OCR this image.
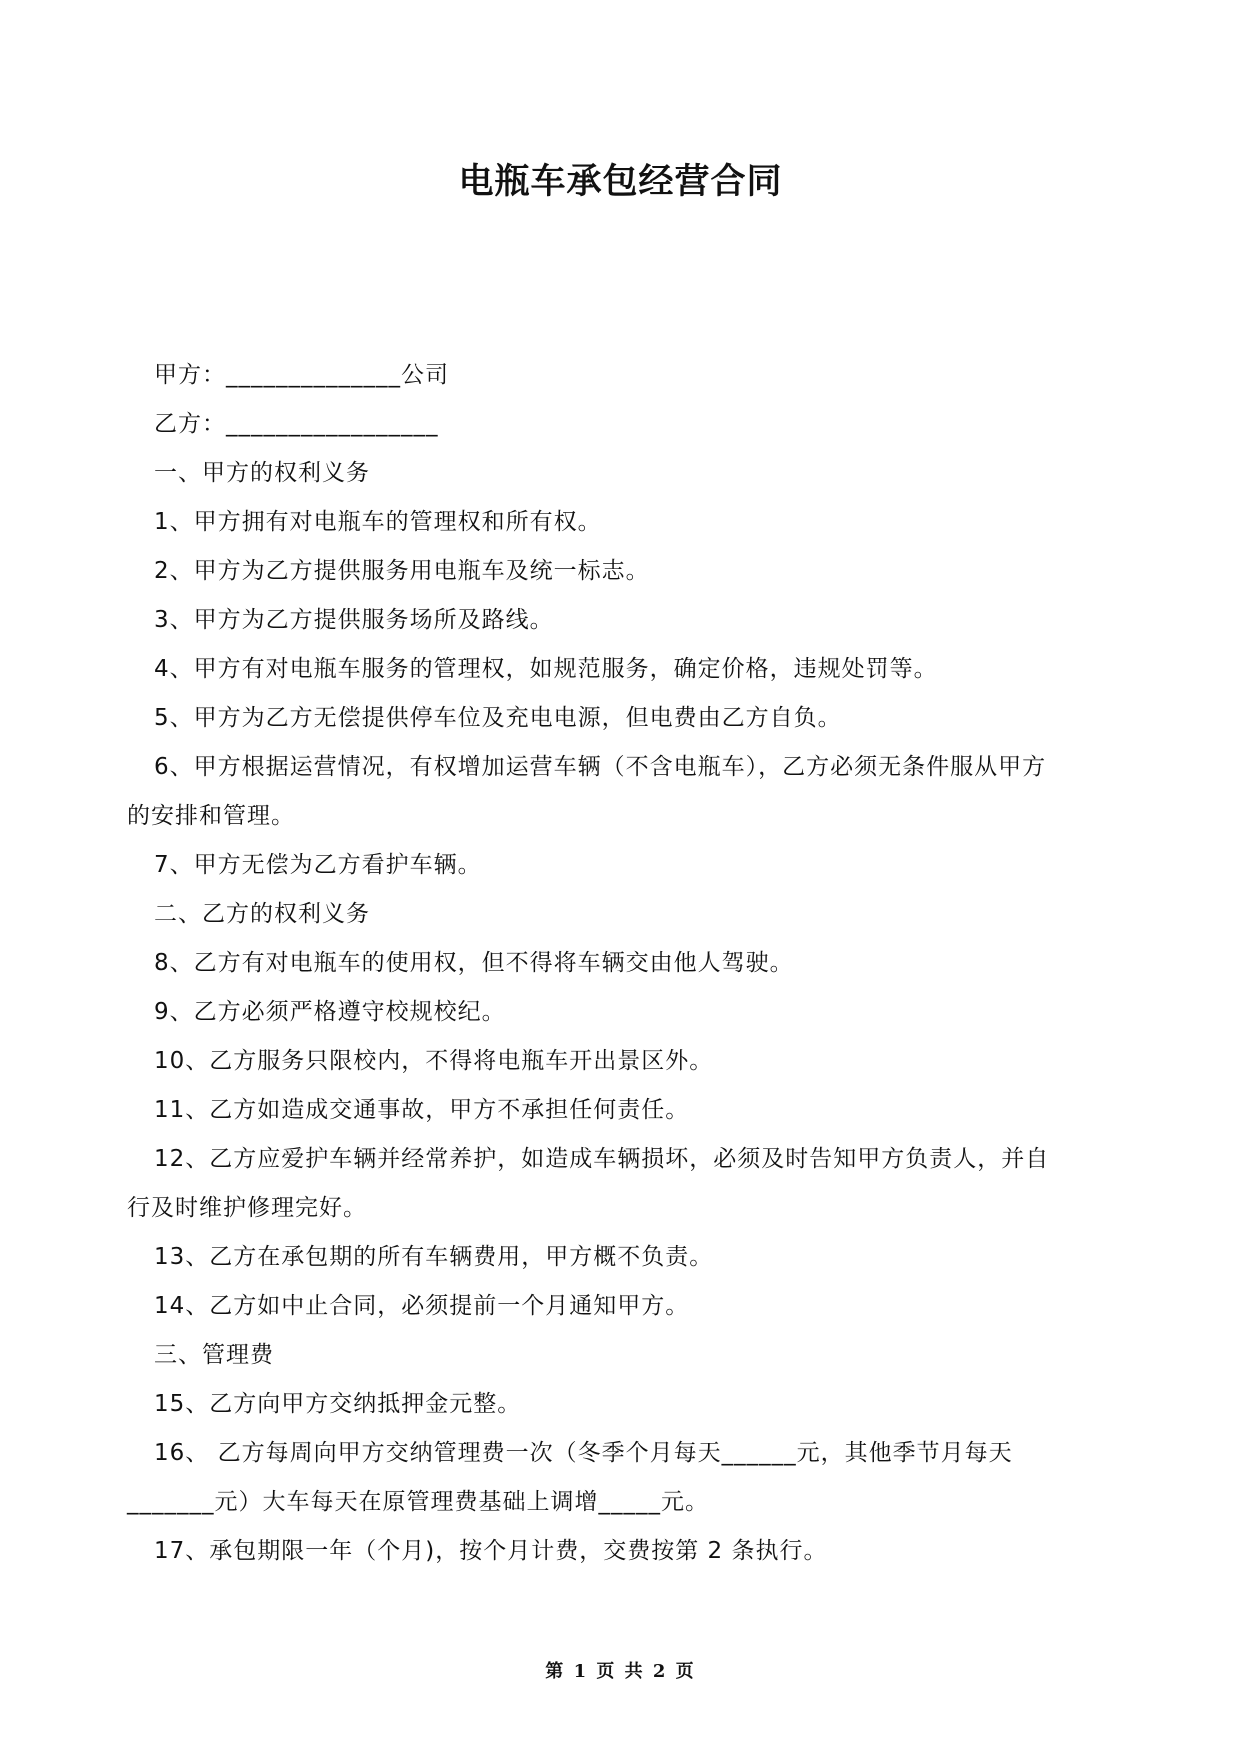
电瓶车承包经营合同
甲方：______________公司
乙方：_________________
一、甲方的权利义务
1、甲方拥有对电瓶车的管理权和所有权。
2、甲方为乙方提供服务用电瓶车及统一标志。
3、甲方为乙方提供服务场所及路线。
4、甲方有对电瓶车服务的管理权，如规范服务，确定价格，违规处罚等。
5、甲方为乙方无偿提供停车位及充电电源，但电费由乙方自负。
6、甲方根据运营情况，有权增加运营车辆（不含电瓶车），乙方必须无条件服从甲方
的安排和管理。
7、甲方无偿为乙方看护车辆。
二、乙方的权利义务
8、乙方有对电瓶车的使用权，但不得将车辆交由他人驾驶。
9、乙方必须严格遵守校规校纪。
10、乙方服务只限校内，不得将电瓶车开出景区外。
11、乙方如造成交通事故，甲方不承担任何责任。
12、乙方应爱护车辆并经常养护，如造成车辆损坏，必须及时告知甲方负责人，并自
行及时维护修理完好。
13、乙方在承包期的所有车辆费用，甲方概不负责。
14、乙方如中止合同，必须提前一个月通知甲方。
三、管理费
15、乙方向甲方交纳抵押金元整。
16、 乙方每周向甲方交纳管理费一次（冬季个月每天______元，其他季节月每天
_______元）大车每天在原管理费基础上调增_____元。
17、承包期限一年（个月)，按个月计费，交费按第 2 条执行。
第 1 页 共 2 页
